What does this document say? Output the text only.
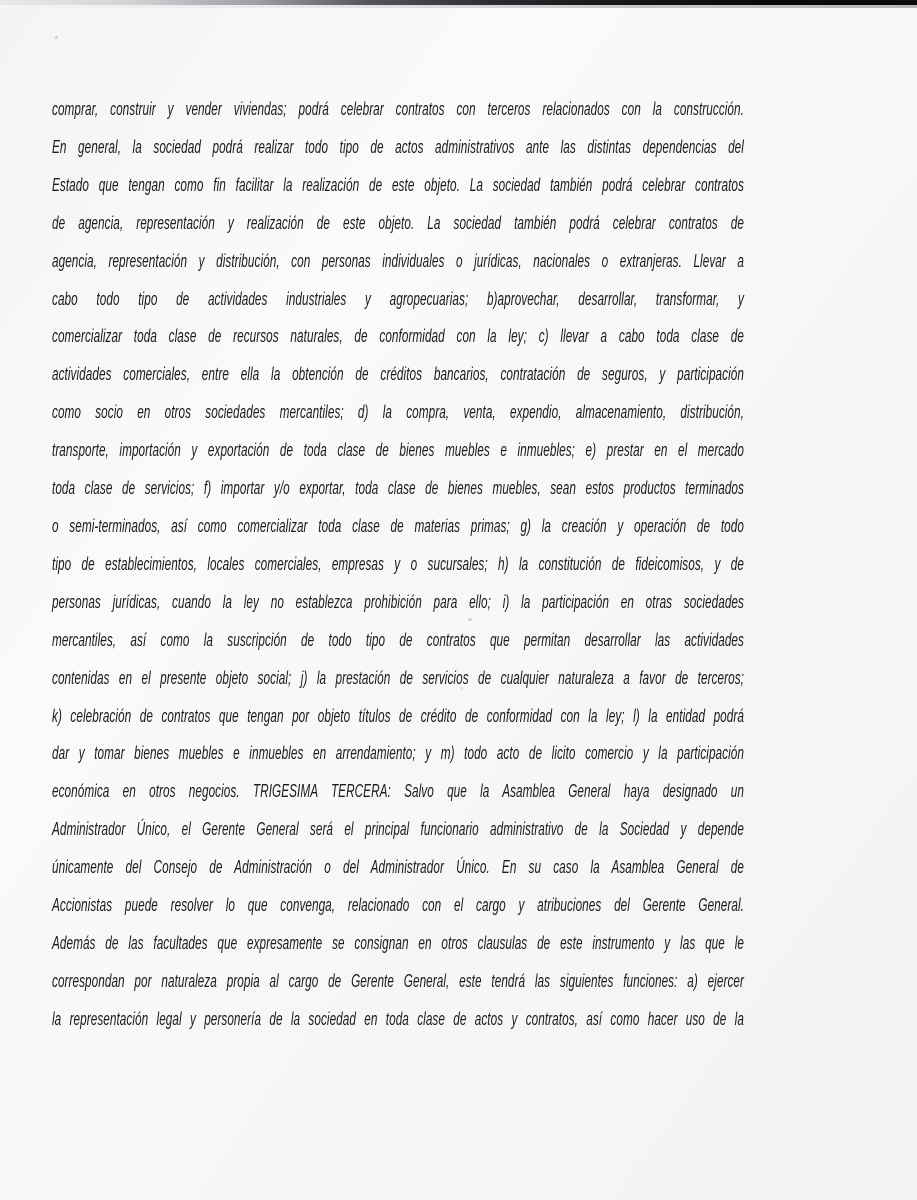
comprar, construir y vender viviendas; podrá celebrar contratos con terceros relacionados con la construcción.
En general, la sociedad podrá realizar todo tipo de actos administrativos ante las distintas dependencias del
Estado que tengan como fin facilitar la realización de este objeto. La sociedad también podrá celebrar contratos
de agencia, representación y realización de este objeto. La sociedad también podrá celebrar contratos de
agencia, representación y distribución, con personas individuales o jurídicas, nacionales o extranjeras. Llevar a
cabo todo tipo de actividades industriales y agropecuarias; b)aprovechar, desarrollar, transformar, y
comercializar toda clase de recursos naturales, de conformidad con la ley; c) llevar a cabo toda clase de
actividades comerciales, entre ella la obtención de créditos bancarios, contratación de seguros, y participación
como socio en otros sociedades mercantiles; d) la compra, venta, expendio, almacenamiento, distribución,
transporte, importación y exportación de toda clase de bienes muebles e inmuebles; e) prestar en el mercado
toda clase de servicios; f) importar y/o exportar, toda clase de bienes muebles, sean estos productos terminados
o semi-terminados, así como comercializar toda clase de materias primas; g) la creación y operación de todo
tipo de establecimientos, locales comerciales, empresas y o sucursales; h) la constitución de fideicomisos, y de
personas jurídicas, cuando la ley no establezca prohibición para ello; i) la participación en otras sociedades
mercantiles, así como la suscripción de todo tipo de contratos que permitan desarrollar las actividades
contenidas en el presente objeto social; j) la prestación de servicios de cualquier naturaleza a favor de terceros;
k) celebración de contratos que tengan por objeto títulos de crédito de conformidad con la ley; l) la entidad podrá
dar y tomar bienes muebles e inmuebles en arrendamiento; y m) todo acto de licito comercio y la participación
económica en otros negocios. TRIGESIMA TERCERA: Salvo que la Asamblea General haya designado un
Administrador Único, el Gerente General será el principal funcionario administrativo de la Sociedad y depende
únicamente del Consejo de Administración o del Administrador Único. En su caso la Asamblea General de
Accionistas puede resolver lo que convenga, relacionado con el cargo y atribuciones del Gerente General.
Además de las facultades que expresamente se consignan en otros clausulas de este instrumento y las que le
correspondan por naturaleza propia al cargo de Gerente General, este tendrá las siguientes funciones: a) ejercer
la representación legal y personería de la sociedad en toda clase de actos y contratos, así como hacer uso de la
